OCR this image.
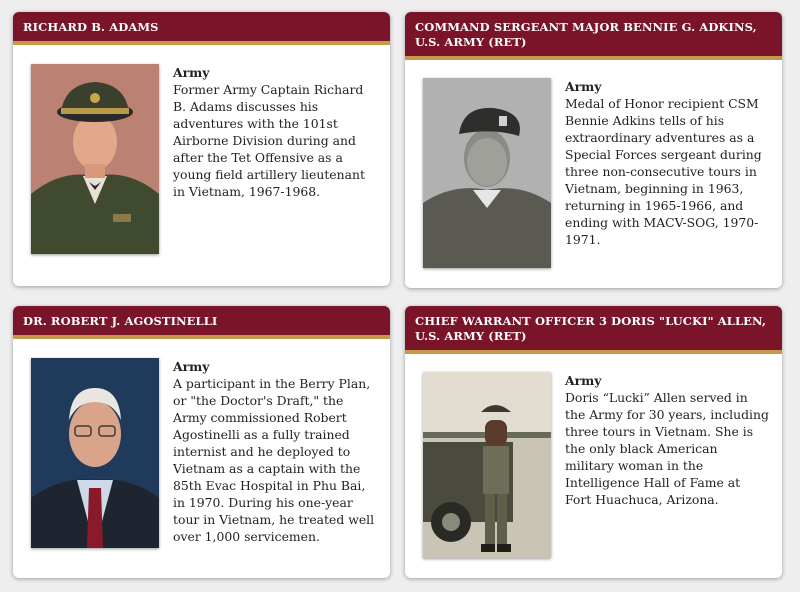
RICHARD B. ADAMS
Army
Former Army Captain Richard B. Adams discusses his adventures with the 101st Airborne Division during and after the Tet Offensive as a young field artillery lieutenant in Vietnam, 1967-1968.
COMMAND SERGEANT MAJOR BENNIE G. ADKINS, U.S. ARMY (RET)
Army
Medal of Honor recipient CSM Bennie Adkins tells of his extraordinary adventures as a Special Forces sergeant during three non-consecutive tours in Vietnam, beginning in 1963, returning in 1965-1966, and ending with MACV-SOG, 1970-1971.
DR. ROBERT J. AGOSTINELLI
Army
A participant in the Berry Plan, or "the Doctor's Draft," the Army commissioned Robert Agostinelli as a fully trained internist and he deployed to Vietnam as a captain with the 85th Evac Hospital in Phu Bai, in 1970. During his one-year tour in Vietnam, he treated well over 1,000 servicemen.
CHIEF WARRANT OFFICER 3 DORIS "LUCKI" ALLEN, U.S. ARMY (RET)
Army
Doris “Lucki” Allen served in the Army for 30 years, including three tours in Vietnam. She is the only black American military woman in the Intelligence Hall of Fame at Fort Huachuca, Arizona.
